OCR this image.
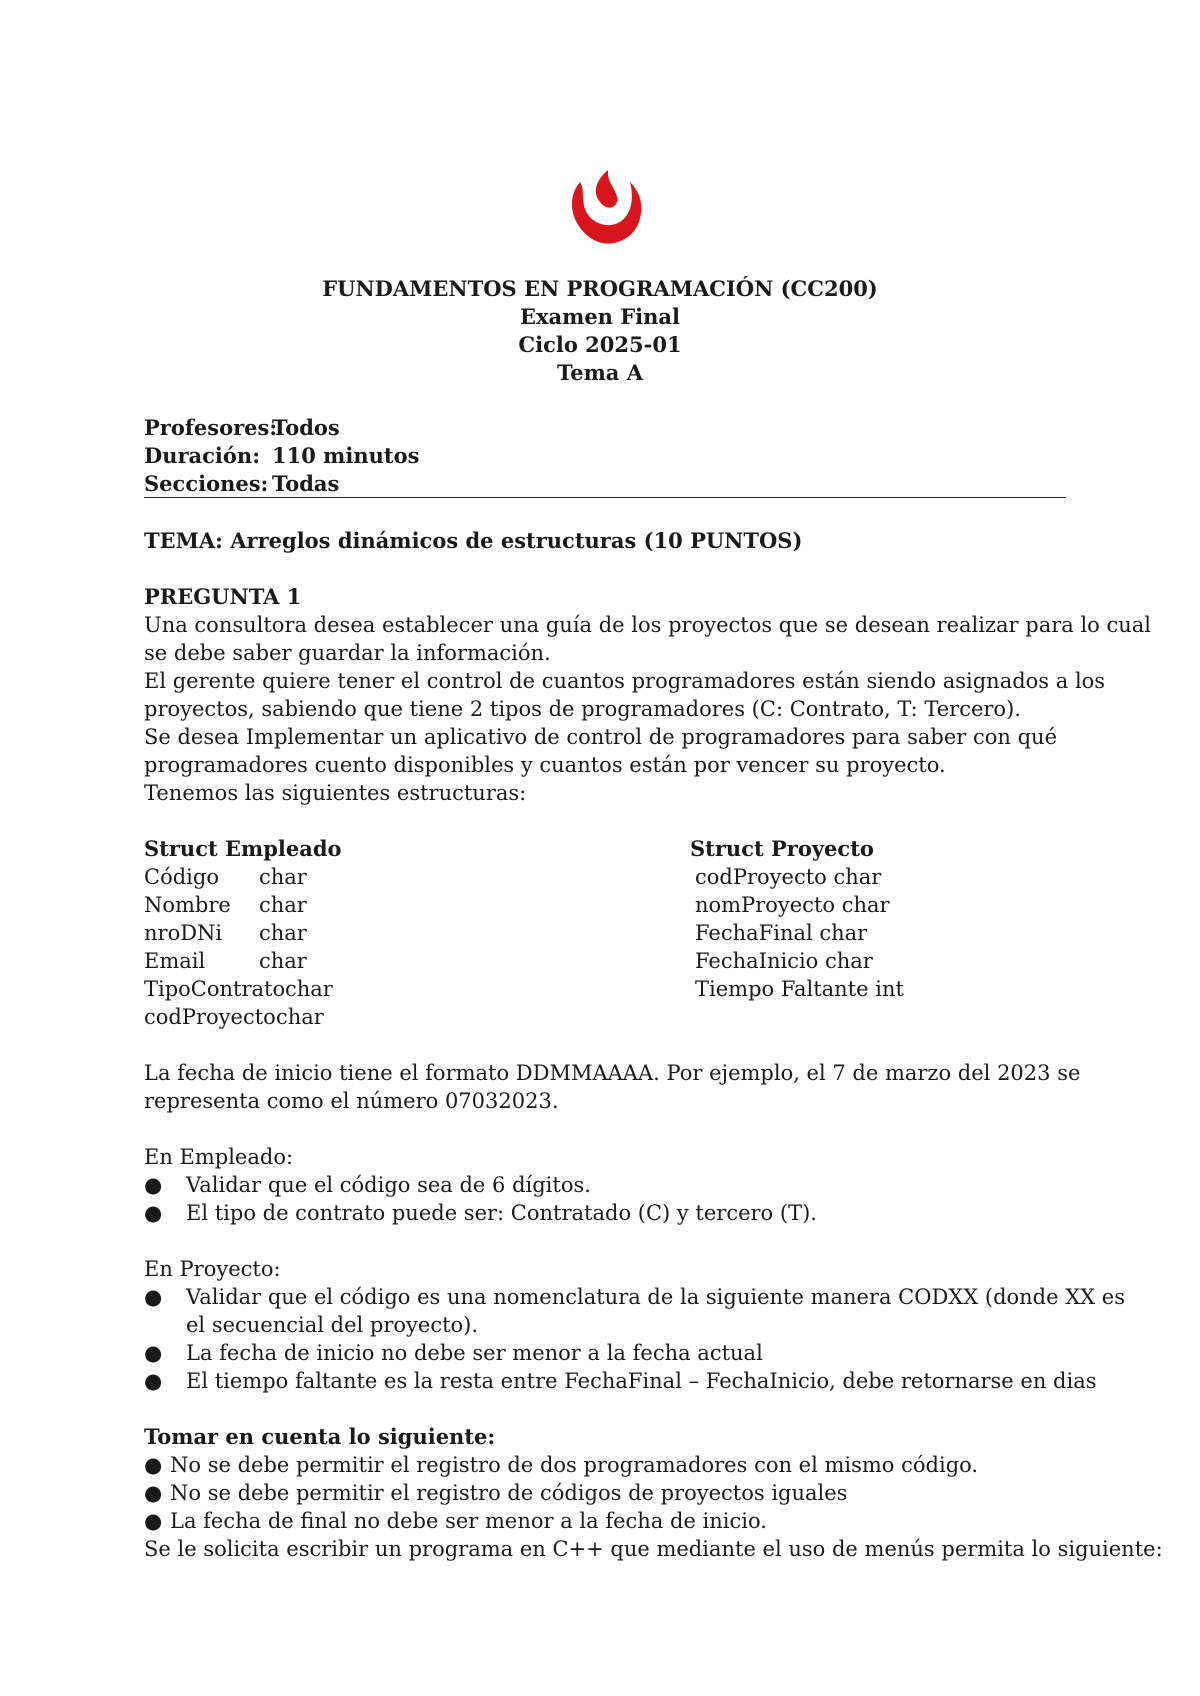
FUNDAMENTOS EN PROGRAMACIÓN (CC200)
Examen Final
Ciclo 2025-01
Tema A
Profesores:
Todos
Duración: 110 minutos
Secciones: Todas
TEMA: Arreglos dinámicos de estructuras (10 PUNTOS)
PREGUNTA 1
Una consultora desea establecer una guía de los proyectos que se desean realizar para lo cual
se debe saber guardar la información.
El gerente quiere tener el control de cuantos programadores están siendo asignados a los
proyectos, sabiendo que tiene 2 tipos de programadores (C: Contrato, T: Tercero).
Se desea Implementar un aplicativo de control de programadores para saber con qué
programadores cuento disponibles y cuantos están por vencer su proyecto.
Tenemos las siguientes estructuras:
Struct Empleado
Código char
Nombre char
nroDNi char
Email	char
TipoContrato char
codProyecto char
Struct Proyecto
codProyecto char
nomProyecto char
FechaFinal char
FechaInicio char
Tiempo Faltante int
La fecha de inicio tiene el formato DDMMAAAA. Por ejemplo, el 7 de marzo del 2023 se
representa como el número 07032023.
En Empleado:
● Validar que el código sea de 6 dígitos.
● El tipo de contrato puede ser: Contratado (C) y tercero (T).
En Proyecto:
● Validar que el código es una nomenclatura de la siguiente manera CODXX (donde XX es
el secuencial del proyecto).
● La fecha de inicio no debe ser menor a la fecha actual
● El tiempo faltante es la resta entre FechaFinal – FechaInicio, debe retornarse en dias
Tomar en cuenta lo siguiente:
● No se debe permitir el registro de dos programadores con el mismo código.
● No se debe permitir el registro de códigos de proyectos iguales
● La fecha de final no debe ser menor a la fecha de inicio.
Se le solicita escribir un programa en C++ que mediante el uso de menús permita lo siguiente:
